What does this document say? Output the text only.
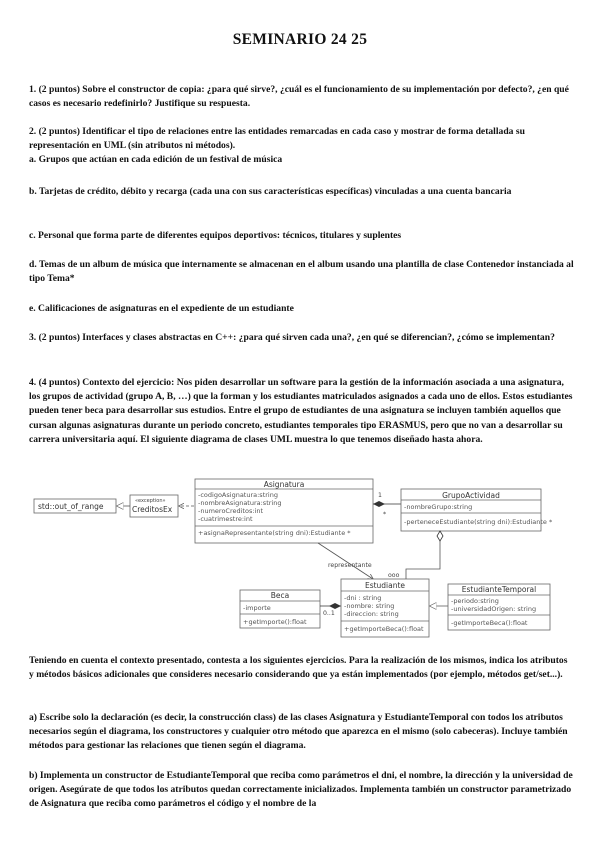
SEMINARIO 24 25
1. (2 puntos) Sobre el constructor de copia: ¿para qué sirve?, ¿cuál es el funcionamiento de su implementación por defecto?, ¿en qué casos es necesario redefinirlo? Justifique su respuesta.
2. (2 puntos) Identificar el tipo de relaciones entre las entidades remarcadas en cada caso y mostrar de forma detallada su representación en UML (sin atributos ni métodos).
a. Grupos que actúan en cada edición de un festival de música
b. Tarjetas de crédito, débito y recarga (cada una con sus características específicas) vinculadas a una cuenta bancaria
c. Personal que forma parte de diferentes equipos deportivos: técnicos, titulares y suplentes
d. Temas de un album de música que internamente se almacenan en el album usando una plantilla de clase Contenedor instanciada al tipo Tema*
e. Calificaciones de asignaturas en el expediente de un estudiante
3. (2 puntos) Interfaces y clases abstractas en C++: ¿para qué sirven cada una?, ¿en qué se diferencian?, ¿cómo se implementan?
4. (4 puntos) Contexto del ejercicio: Nos piden desarrollar un software para la gestión de la información asociada a una asignatura, los grupos de actividad (grupo A, B, …) que la forman y los estudiantes matriculados asignados a cada uno de ellos. Estos estudiantes pueden tener beca para desarrollar sus estudios. Entre el grupo de estudiantes de una asignatura se incluyen también aquellos que cursan algunas asignaturas durante un periodo concreto, estudiantes temporales tipo ERASMUS, pero que no van a desarrollar su carrera universitaria aquí. El siguiente diagrama de clases UML muestra lo que tenemos diseñado hasta ahora.
std::out_of_range
«exception»
CreditosEx
Asignatura
-codigoAsignatura:string
-nombreAsignatura:string
-numeroCreditos:int
-cuatrimestre:int
+asignaRepresentante(string dni):Estudiante *
1
*
GrupoActividad
-nombreGrupo:string
-perteneceEstudiante(string dni):Estudiante *
ooo
representante
Beca
-importe
+getImporte():float
0..1
Estudiante
-dni : string
-nombre: string
-direccion: string
+getImporteBeca():float
EstudianteTemporal
-periodo:string
-universidadOrigen: string
-getImporteBeca():float
Teniendo en cuenta el contexto presentado, contesta a los siguientes ejercicios. Para la realización de los mismos, indica los atributos y métodos básicos adicionales que consideres necesario considerando que ya están implementados (por ejemplo, métodos get/set...).
a) Escribe solo la declaración (es decir, la construcción class) de las clases Asignatura y EstudianteTemporal con todos los atributos necesarios según el diagrama, los constructores y cualquier otro método que aparezca en el mismo (solo cabeceras). Incluye también métodos para gestionar las relaciones que tienen según el diagrama.
b) Implementa un constructor de EstudianteTemporal que reciba como parámetros el dni, el nombre, la dirección y la universidad de origen. Asegúrate de que todos los atributos quedan correctamente inicializados. Implementa también un constructor parametrizado de Asignatura que reciba como parámetros el código y el nombre de la
